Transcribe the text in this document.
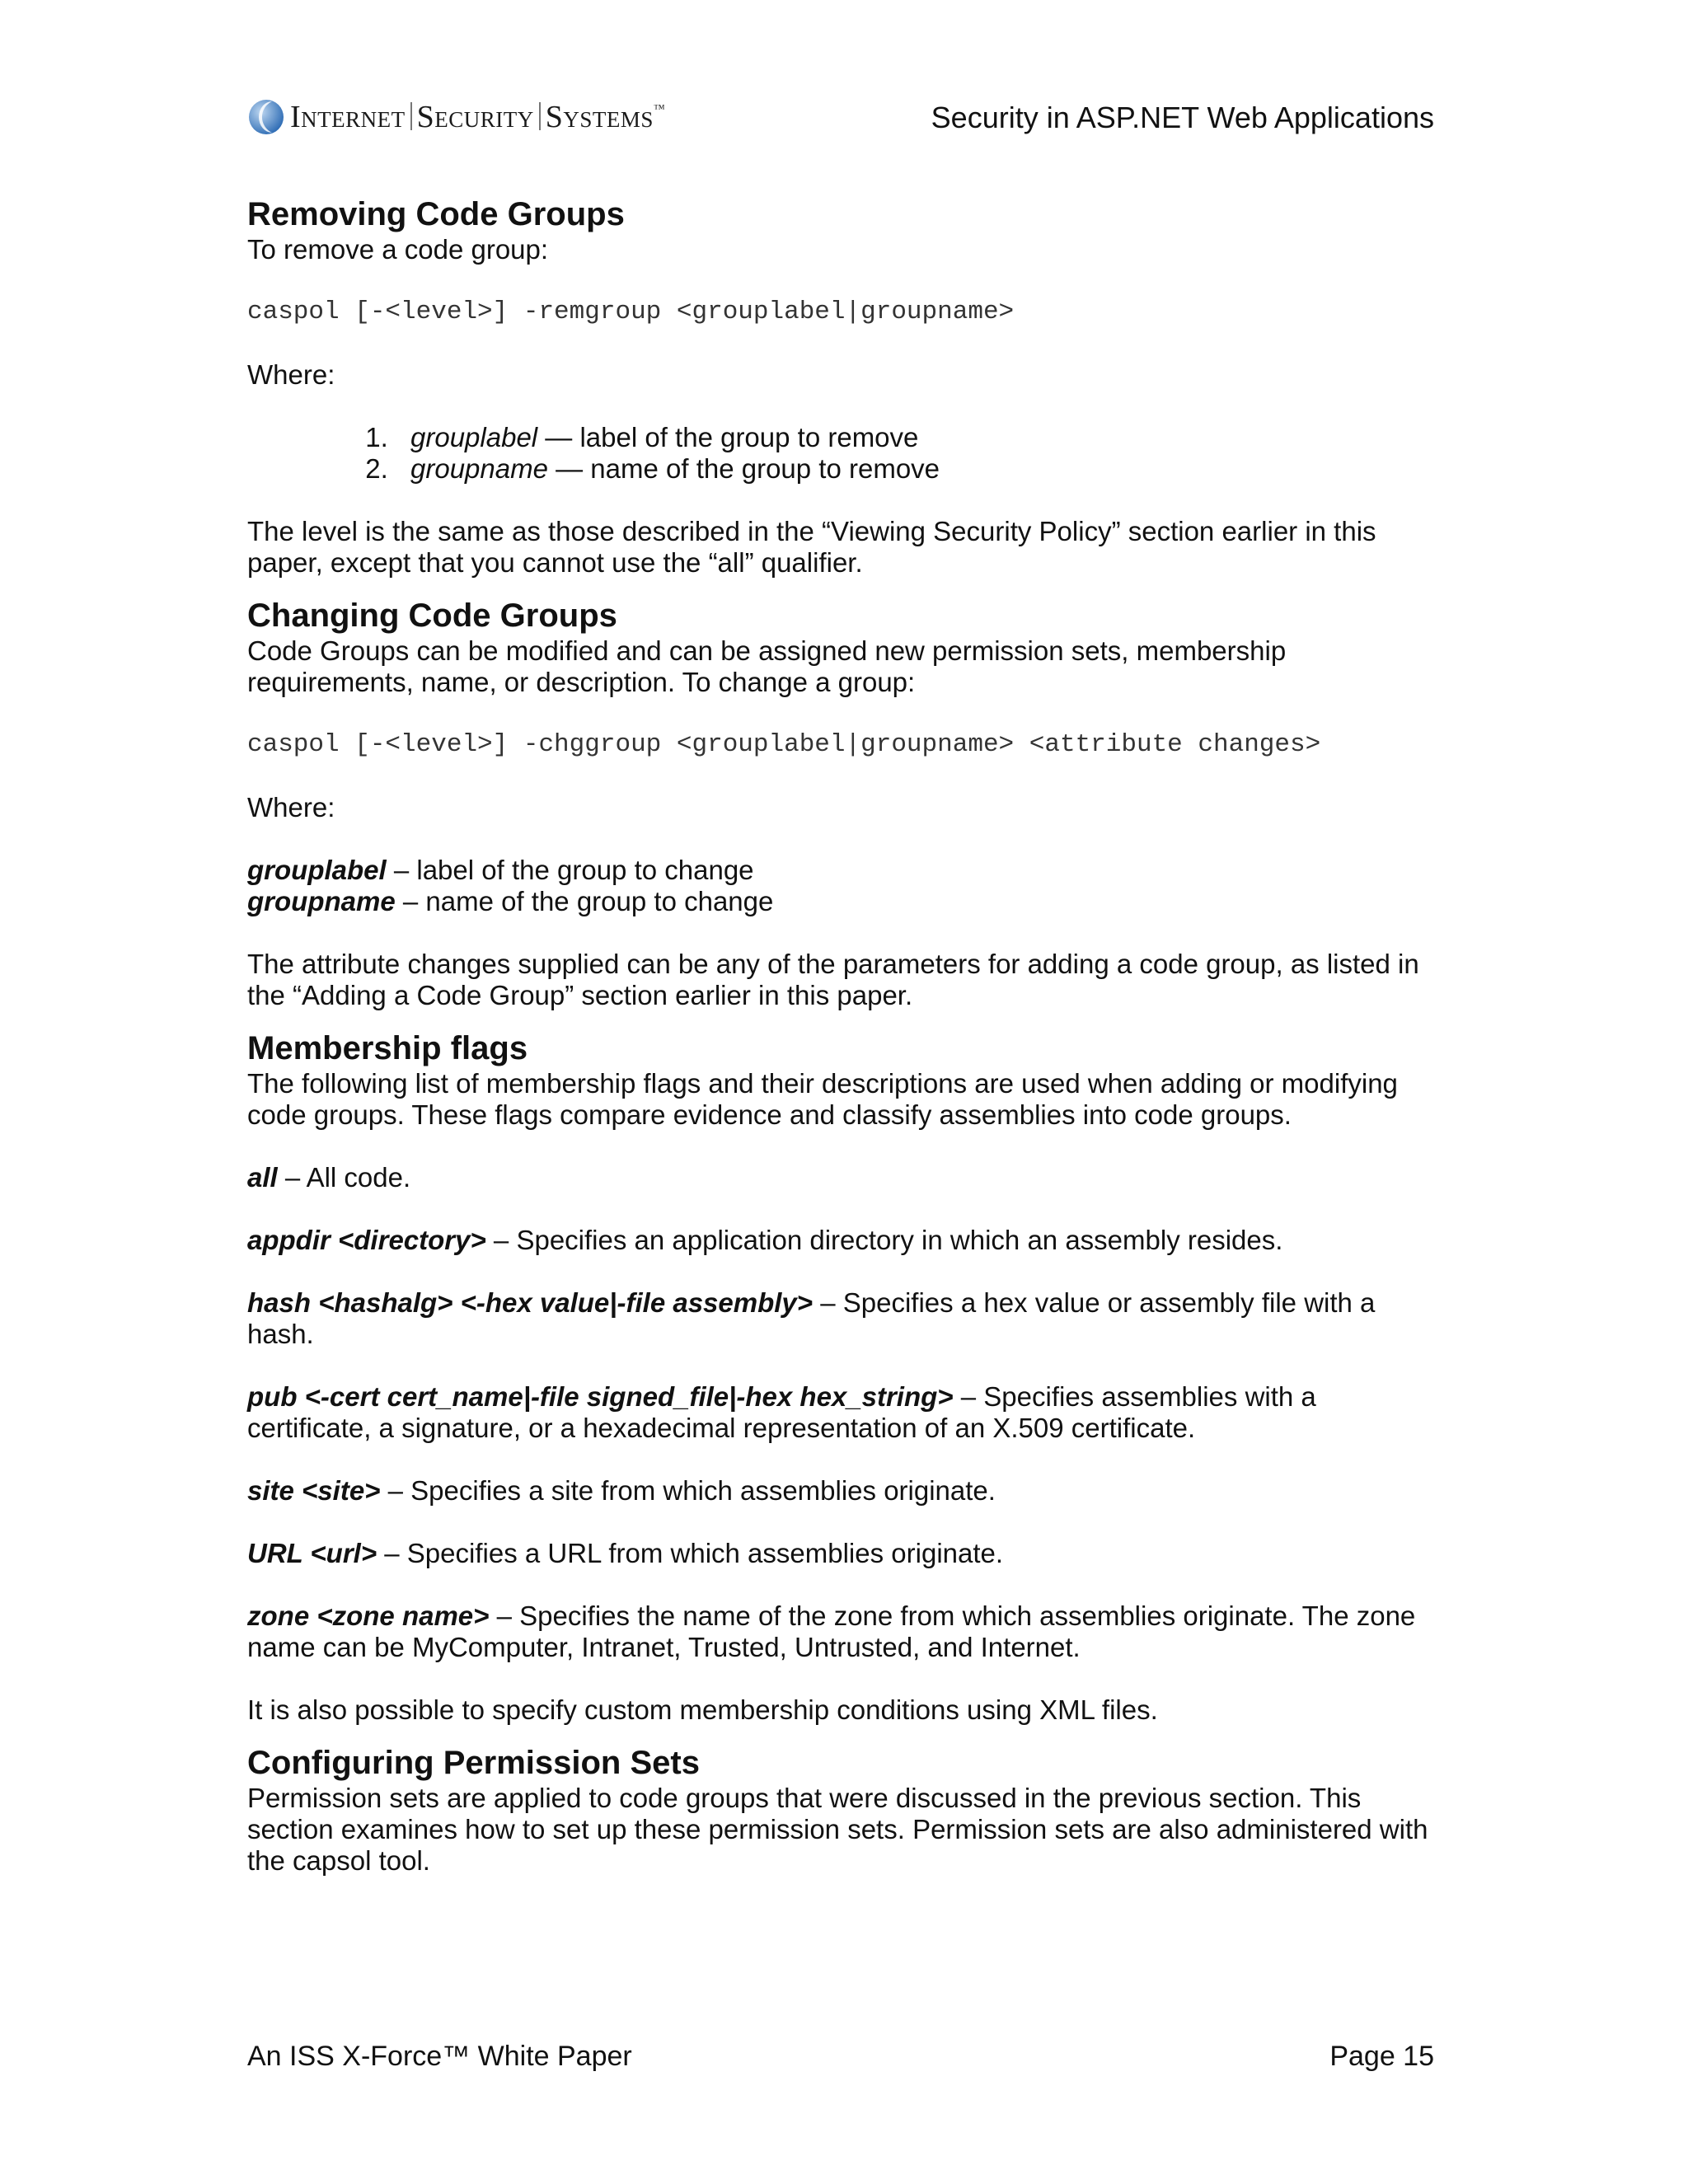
Internet Security Systems™	Security in ASP.NET Web Applications
Removing Code Groups

To remove a code group:

caspol [-<level>] -remgroup <grouplabel|groupname>

Where:

1. grouplabel — label of the group to remove
2. groupname — name of the group to remove

The level is the same as those described in the “Viewing Security Policy” section earlier in this paper, except that you cannot use the “all” qualifier.

Changing Code Groups

Code Groups can be modified and can be assigned new permission sets, membership requirements, name, or description. To change a group:

caspol [-<level>] -chggroup <grouplabel|groupname> <attribute changes>

Where:

grouplabel – label of the group to change

groupname – name of the group to change

The attribute changes supplied can be any of the parameters for adding a code group, as listed in the “Adding a Code Group” section earlier in this paper.

Membership flags

The following list of membership flags and their descriptions are used when adding or modifying code groups. These flags compare evidence and classify assemblies into code groups.

all – All code.

appdir <directory> – Specifies an application directory in which an assembly resides.

hash <hashalg> <-hex value|-file assembly> – Specifies a hex value or assembly file with a hash.

pub <-cert cert_name|-file signed_file|-hex hex_string> – Specifies assemblies with a certificate, a signature, or a hexadecimal representation of an X.509 certificate.

site <site> – Specifies a site from which assemblies originate.

URL <url> – Specifies a URL from which assemblies originate.

zone <zone name> – Specifies the name of the zone from which assemblies originate. The zone name can be MyComputer, Intranet, Trusted, Untrusted, and Internet.

It is also possible to specify custom membership conditions using XML files.

Configuring Permission Sets

Permission sets are applied to code groups that were discussed in the previous section. This section examines how to set up these permission sets. Permission sets are also administered with the capsol tool.

An ISS X-Force™ White Paper	Page 15
